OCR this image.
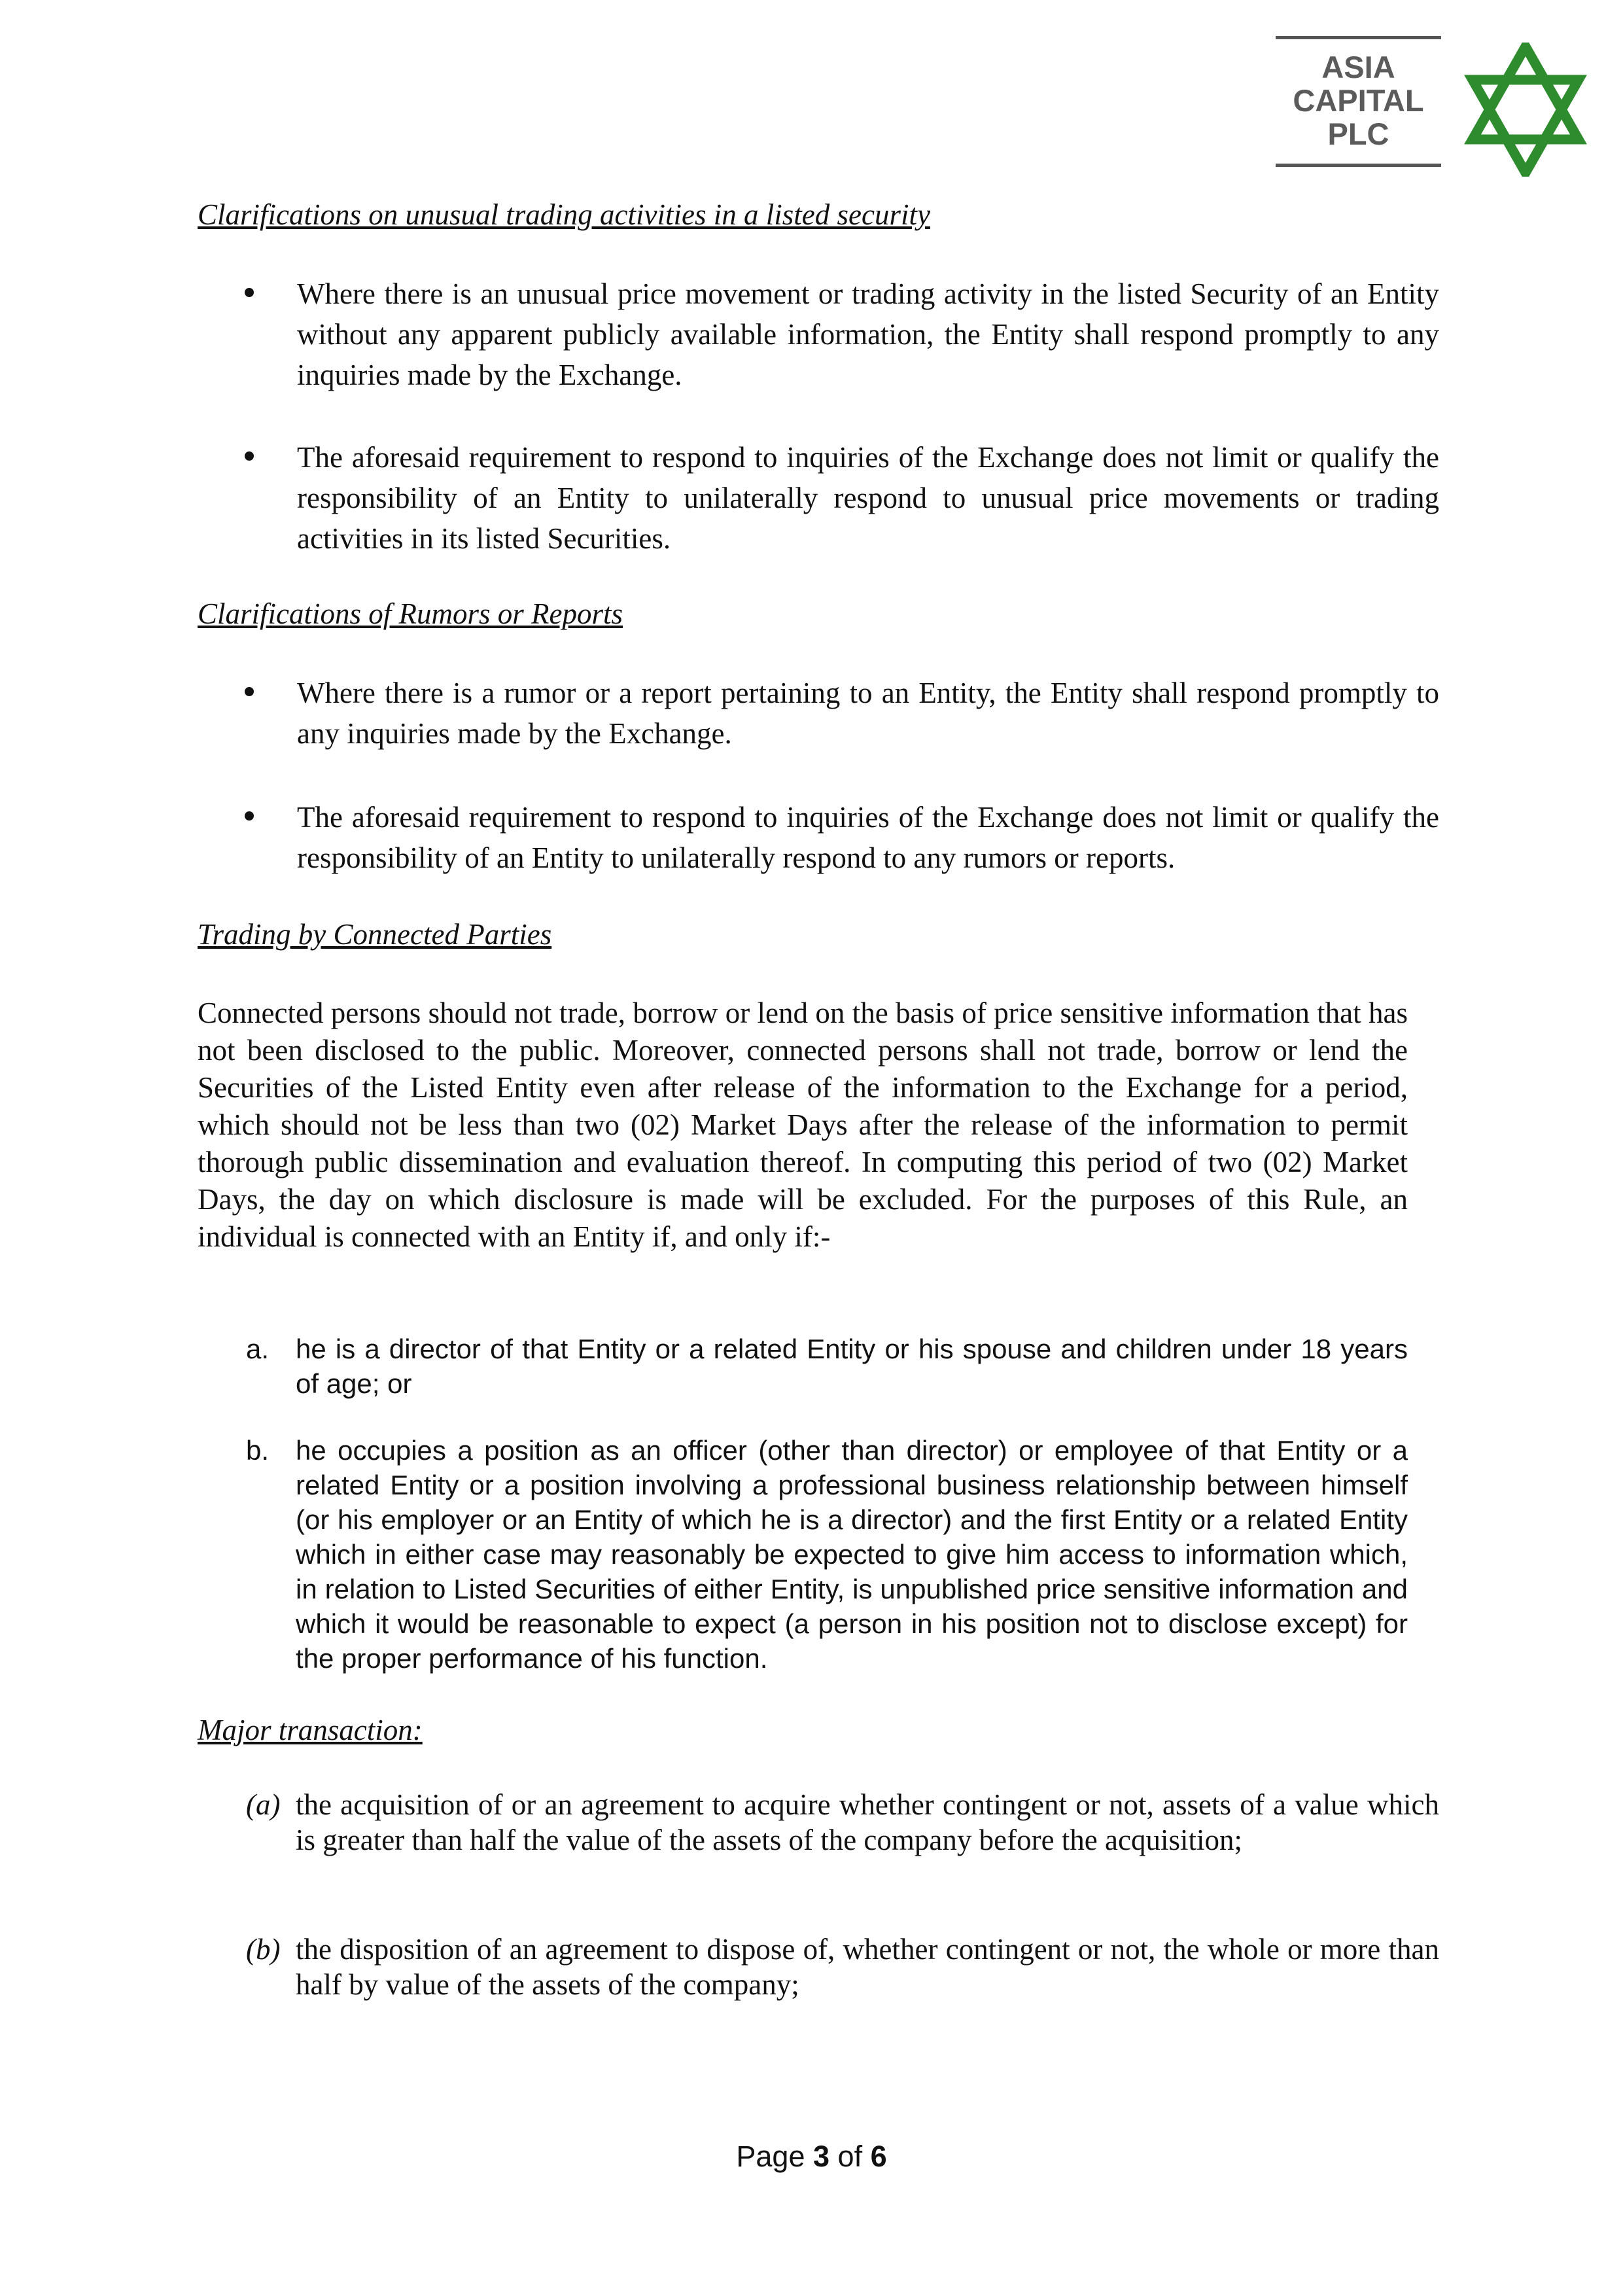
ASIA
CAPITAL
PLC
Clarifications on unusual trading activities in a listed security
Where there is an unusual price movement or trading activity in the listed Security of an Entity without any apparent publicly available information, the Entity shall respond promptly to any inquiries made by the Exchange.
The aforesaid requirement to respond to inquiries of the Exchange does not limit or qualify the responsibility of an Entity to unilaterally respond to unusual price movements or trading activities in its listed Securities.
Clarifications of Rumors or Reports
Where there is a rumor or a report pertaining to an Entity, the Entity shall respond promptly to any inquiries made by the Exchange.
The aforesaid requirement to respond to inquiries of the Exchange does not limit or qualify the responsibility of an Entity to unilaterally respond to any rumors or reports.
Trading by Connected Parties
Connected persons should not trade, borrow or lend on the basis of price sensitive information that has not been disclosed to the public. Moreover, connected persons shall not trade, borrow or lend the Securities of the Listed Entity even after release of the information to the Exchange for a period, which should not be less than two (02) Market Days after the release of the information to permit thorough public dissemination and evaluation thereof. In computing this period of two (02) Market Days, the day on which disclosure is made will be excluded. For the purposes of this Rule, an individual is connected with an Entity if, and only if:-
a. he is a director of that Entity or a related Entity or his spouse and children under 18 years of age; or
b. he occupies a position as an officer (other than director) or employee of that Entity or a related Entity or a position involving a professional business relationship between himself (or his employer or an Entity of which he is a director) and the first Entity or a related Entity which in either case may reasonably be expected to give him access to information which, in relation to Listed Securities of either Entity, is unpublished price sensitive information and which it would be reasonable to expect (a person in his position not to disclose except) for the proper performance of his function.
Major transaction:
(a) the acquisition of or an agreement to acquire whether contingent or not, assets of a value which is greater than half the value of the assets of the company before the acquisition;
(b) the disposition of an agreement to dispose of, whether contingent or not, the whole or more than half by value of the assets of the company;
Page 3 of 6
